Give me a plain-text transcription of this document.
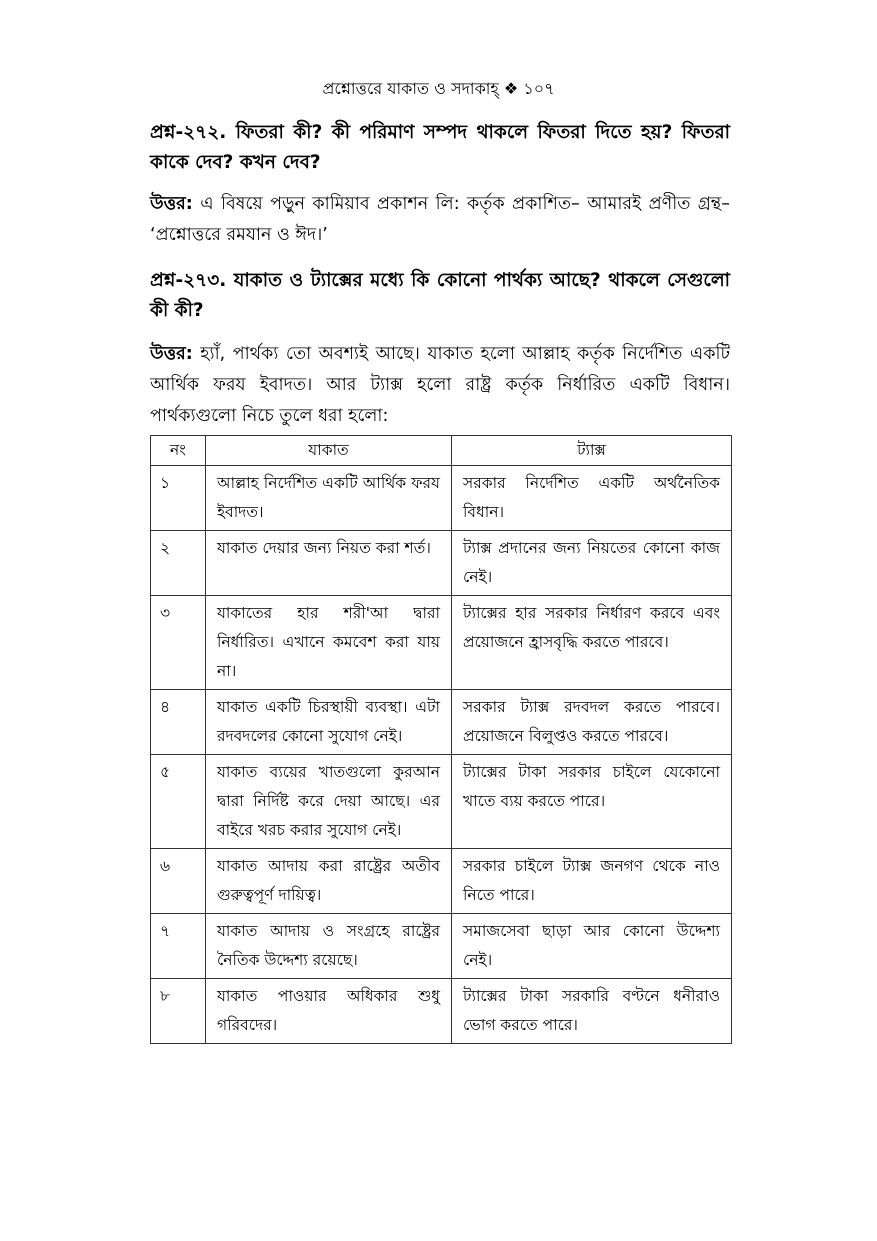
প্রশ্নোত্তরে যাকাত ও সদাকাহ্ ❖ ১০৭
প্রশ্ন-২৭২. ফিতরা কী? কী পরিমাণ সম্পদ থাকলে ফিতরা দিতে হয়? ফিতরা কাকে দেব? কখন দেব?
উত্তর: এ বিষয়ে পড়ুন কামিয়াব প্রকাশন লি: কর্তৃক প্রকাশিত– আমারই প্রণীত গ্রন্থ– ‘প্রশ্নোত্তরে রমযান ও ঈদ।’
প্রশ্ন-২৭৩. যাকাত ও ট্যাক্সের মধ্যে কি কোনো পার্থক্য আছে? থাকলে সেগুলো কী কী?
উত্তর: হ্যাঁ, পার্থক্য তো অবশ্যই আছে। যাকাত হলো আল্লাহ কর্তৃক নির্দেশিত একটি আর্থিক ফরয ইবাদত। আর ট্যাক্স হলো রাষ্ট্র কর্তৃক নির্ধারিত একটি বিধান। পার্থক্যগুলো নিচে তুলে ধরা হলো:
নং	যাকাত	ট্যাক্স
১	আল্লাহ নির্দেশিত একটি আর্থিক ফরয ইবাদত।	সরকার নির্দেশিত একটি অর্থনৈতিক বিধান।
২	যাকাত দেয়ার জন্য নিয়ত করা শর্ত।	ট্যাক্স প্রদানের জন্য নিয়তের কোনো কাজ নেই।
৩	যাকাতের হার শরী'আ দ্বারা নির্ধারিত। এখানে কমবেশ করা যায় না।	ট্যাক্সের হার সরকার নির্ধারণ করবে এবং প্রয়োজনে হ্রাসবৃদ্ধি করতে পারবে।
৪	যাকাত একটি চিরস্থায়ী ব্যবস্থা। এটা রদবদলের কোনো সুযোগ নেই।	সরকার ট্যাক্স রদবদল করতে পারবে। প্রয়োজনে বিলুপ্তও করতে পারবে।
৫	যাকাত ব্যয়ের খাতগুলো কুরআন দ্বারা নির্দিষ্ট করে দেয়া আছে। এর বাইরে খরচ করার সুযোগ নেই।	ট্যাক্সের টাকা সরকার চাইলে যেকোনো খাতে ব্যয় করতে পারে।
৬	যাকাত আদায় করা রাষ্ট্রের অতীব গুরুত্বপূর্ণ দায়িত্ব।	সরকার চাইলে ট্যাক্স জনগণ থেকে নাও নিতে পারে।
৭	যাকাত আদায় ও সংগ্রহে রাষ্ট্রের নৈতিক উদ্দেশ্য রয়েছে।	সমাজসেবা ছাড়া আর কোনো উদ্দেশ্য নেই।
৮	যাকাত পাওয়ার অধিকার শুধু গরিবদের।	ট্যাক্সের টাকা সরকারি বণ্টনে ধনীরাও ভোগ করতে পারে।
